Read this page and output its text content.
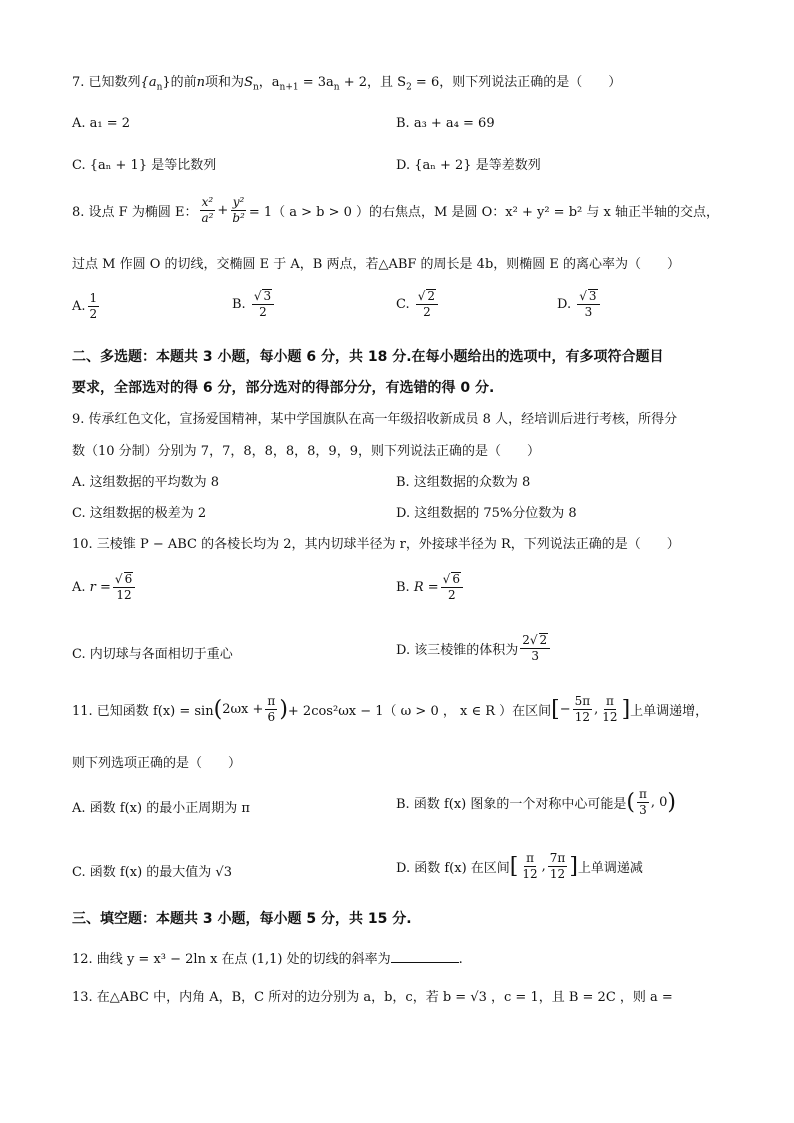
7. 已知数列$\{a_n\}$的前n项和为$S_n$，$a_{n+1} = 3a_n + 2$，且 $S_2 = 6$，则下列说法正确的是（　　）
A. a₁ = 2	B. a₃ + a₄ = 69
C. {aₙ + 1} 是等比数列	D. {aₙ + 2} 是等差数列
8. 设点 F 为椭圆 E： $\frac{\text{x²}}{\text{a²}} + \frac{\text{y²}}{\text{b²}} = 1$（ a > b > 0 ）的右焦点，M 是圆 O：x² + y² = b² 与 x 轴正半轴的交点，
过点 M 作圆 O 的切线，交椭圆 E 于 A，B 两点，若△ABF 的周长是 4b，则椭圆 E 的离心率为（　　）
A. $\frac{1}{2}$	B.
$\frac{√ 3}{2}$	C.
$\frac{√ 2}{2}$	D.
$\frac{√ 3}{3}$
二、多选题：本题共 3 小题，每小题 6 分，共 18 分.在每小题给出的选项中，有多项符合题目
要求，全部选对的得 6 分，部分选对的得部分分，有选错的得 0 分.
9. 传承红色文化，宣扬爱国精神，某中学国旗队在高一年级招收新成员 8 人，经培训后进行考核，所得分
数（10 分制）分别为 7，7，8，8，8，8，9，9，则下列说法正确的是（　　）
A. 这组数据的平均数为 8	B. 这组数据的众数为 8
C. 这组数据的极差为 2	D. 这组数据的 75%分位数为 8
10. 三棱锥 P − ABC 的各棱长均为 2，其内切球半径为 r，外接球半径为 R，下列说法正确的是（　　）
A.
$r = \frac{√ 6}{12}$	B.
$R = \frac{√ 6}{2}$
C. 内切球与各面相切于重心	D. 该三棱锥的体积为 $\frac{2√ 2}{3}$
11. 已知函数 f(x) = sin ( $2\omega x + \frac{\pi}{6}$ ) + 2cos²ωx − 1（ ω > 0 ， x ∈ R ）在区间 [ − $\frac{5\pi}{12}$ , $\frac{\pi}{12}$ ] 上单调递增，
则下列选项正确的是（　　）
A. 函数 f(x) 的最小正周期为 π	B. 函数 f(x) 图象的一个对称中心可能是 ( $\frac{\pi}{3}$ , 0 )
C. 函数 f(x) 的最大值为 √3	D. 函数 f(x) 在区间 [ $\frac{\pi}{12}$ , $\frac{7\pi}{12}$ ] 上单调递减
三、填空题：本题共 3 小题，每小题 5 分，共 15 分.
12. 曲线 y = x³ − 2ln x 在点 (1,1) 处的切线的斜率为	.
13. 在△ABC 中，内角 A，B，C 所对的边分别为 a，b，c，若 b = √3 ，c = 1，且 B = 2C ，则 a =
